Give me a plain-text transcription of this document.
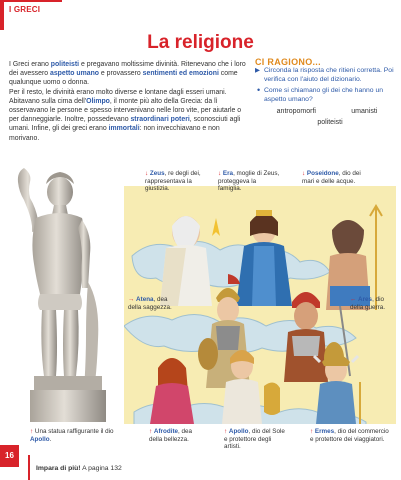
I GRECI
La religione
I Greci erano politeisti e pregavano moltissime divinità. Ritenevano che i loro dei avessero aspetto umano e provassero sentimenti ed emozioni come qualunque uomo o donna.
Per il resto, le divinità erano molto diverse e lontane dagli esseri umani. Abitavano sulla cima dell'Olimpo, il monte più alto della Grecia: da lì osservavano le persone e spesso intervenivano nelle loro vite, per aiutarle o per danneggiarle. Inoltre, possedevano straordinari poteri, sconosciuti agli umani. Infine, gli dei greci erano immortali: non invecchiavano e non morivano.
CI RAGIONO...
▶ Circonda la risposta che ritieni corretta. Poi verifica con l'aiuto del dizionario.
• Come si chiamano gli dei che hanno un aspetto umano?
antropomorfi	umanisti
politeisti
↑ Una statua raffigurante il dio Apollo.
↓ Zeus, re degli dei, rappresentava la giustizia.
↓ Era, moglie di Zeus, proteggeva la famiglia.
↓ Poseidone, dio dei mari e delle acque.
→ Atena, dea della saggezza.
← Ares, dio della guerra.
↑ Afrodite, dea della bellezza.
↑ Apollo, dio del Sole e protettore degli artisti.
↑ Ermes, dio del commercio e protettore dei viaggiatori.
16
Impara di più! A pagina 132
